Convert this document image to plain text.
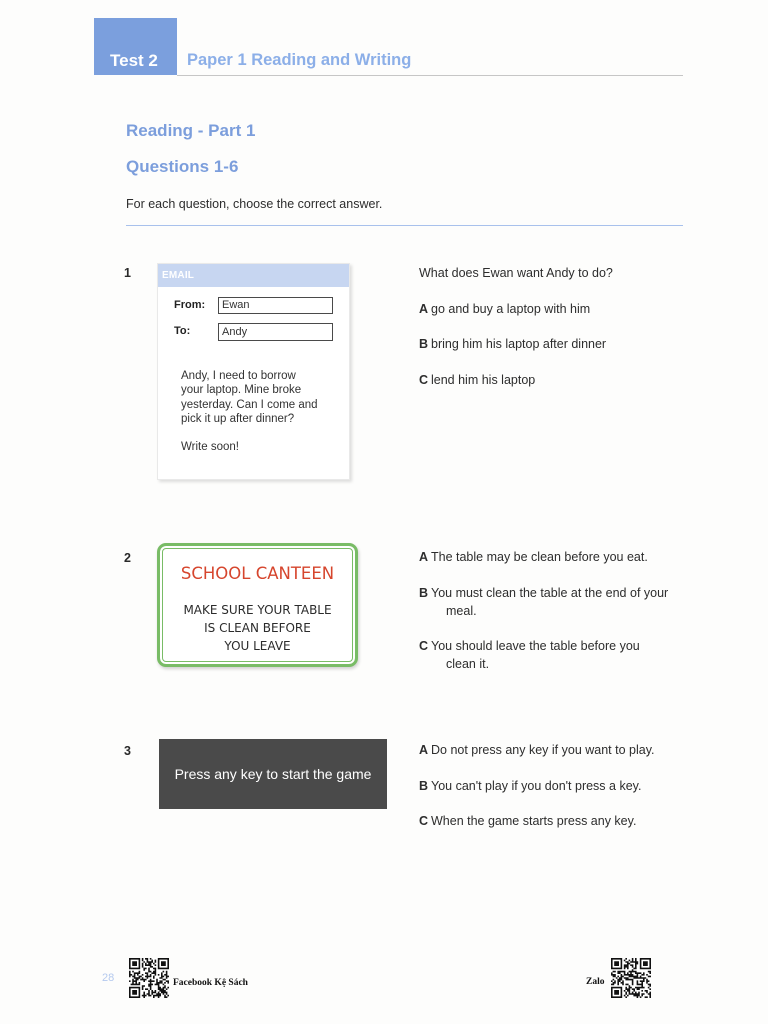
Test 2 Paper 1 Reading and Writing
Reading - Part 1
Questions 1-6
For each question, choose the correct answer.
1	EMAIL
From:	Ewan
To:	Andy
Andy, I need to borrow
your laptop. Mine broke
yesterday. Can I come and
pick it up after dinner?
Write soon!
What does Ewan want Andy to do?
A go and buy a laptop with him
B bring him his laptop after dinner
C lend him his laptop
2
SCHOOL CANTEEN
MAKE SURE YOUR TABLE
IS CLEAN BEFORE
YOU LEAVE
A The table may be clean before you eat.
B You must clean the table at the end of your
meal.
C You should leave the table before you
clean it.
3
Press any key to start the game
A Do not press any key if you want to play.
B You can't play if you don't press a key.
C When the game starts press any key.
28	Facebook Kệ Sách	Zalo
